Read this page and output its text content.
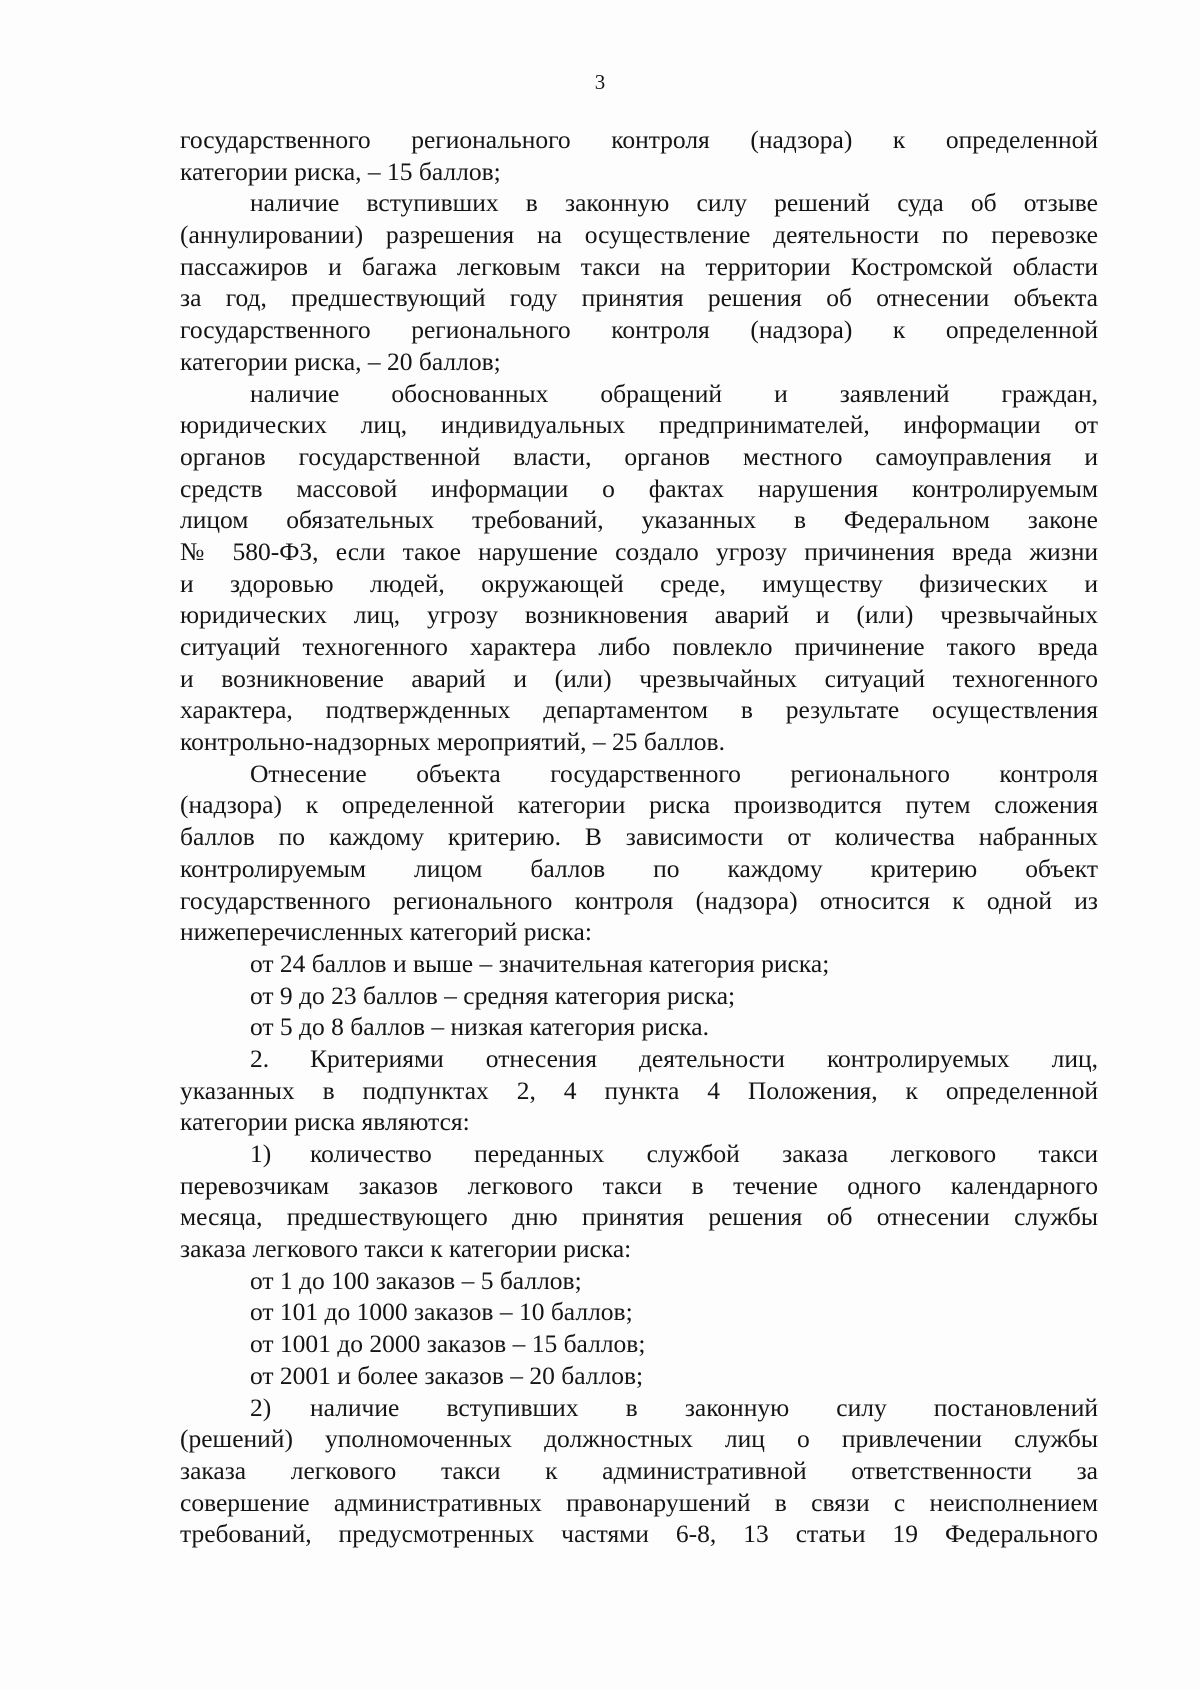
3
государственного регионального контроля (надзора) к определенной
категории риска, – 15 баллов;
наличие вступивших в законную силу решений суда об отзыве
(аннулировании) разрешения на осуществление деятельности по перевозке
пассажиров и багажа легковым такси на территории Костромской области
за год, предшествующий году принятия решения об отнесении объекта
государственного регионального контроля (надзора) к определенной
категории риска, – 20 баллов;
наличие обоснованных обращений и заявлений граждан,
юридических лиц, индивидуальных предпринимателей, информации от
органов государственной власти, органов местного самоуправления и
средств массовой информации о фактах нарушения контролируемым
лицом обязательных требований, указанных в Федеральном законе
№ 580-ФЗ, если такое нарушение создало угрозу причинения вреда жизни
и здоровью людей, окружающей среде, имуществу физических и
юридических лиц, угрозу возникновения аварий и (или) чрезвычайных
ситуаций техногенного характера либо повлекло причинение такого вреда
и возникновение аварий и (или) чрезвычайных ситуаций техногенного
характера, подтвержденных департаментом в результате осуществления
контрольно-надзорных мероприятий, – 25 баллов.
Отнесение объекта государственного регионального контроля
(надзора) к определенной категории риска производится путем сложения
баллов по каждому критерию. В зависимости от количества набранных
контролируемым лицом баллов по каждому критерию объект
государственного регионального контроля (надзора) относится к одной из
нижеперечисленных категорий риска:
от 24 баллов и выше – значительная категория риска;
от 9 до 23 баллов – средняя категория риска;
от 5 до 8 баллов – низкая категория риска.
2. Критериями отнесения деятельности контролируемых лиц,
указанных в подпунктах 2, 4 пункта 4 Положения, к определенной
категории риска являются:
1) количество переданных службой заказа легкового такси
перевозчикам заказов легкового такси в течение одного календарного
месяца, предшествующего дню принятия решения об отнесении службы
заказа легкового такси к категории риска:
от 1 до 100 заказов – 5 баллов;
от 101 до 1000 заказов – 10 баллов;
от 1001 до 2000 заказов – 15 баллов;
от 2001 и более заказов – 20 баллов;
2) наличие вступивших в законную силу постановлений
(решений) уполномоченных должностных лиц о привлечении службы
заказа легкового такси к административной ответственности за
совершение административных правонарушений в связи с неисполнением
требований, предусмотренных частями 6-8, 13 статьи 19 Федерального
